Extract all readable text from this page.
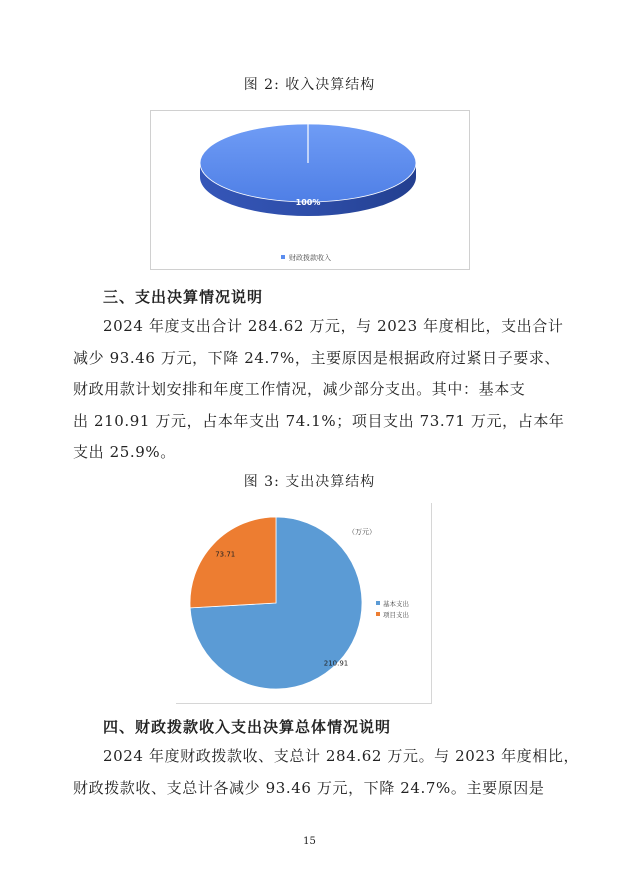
图 2: 收入决算结构
100%
财政拨款收入
三、支出决算情况说明

2024 年度支出合计 284.62 万元，与 2023 年度相比，支出合计
减少 93.46 万元，下降 24.7%，主要原因是根据政府过紧日子要求、
财政用款计划安排和年度工作情况，减少部分支出。其中：基本支
出 210.91 万元，占本年支出 74.1%；项目支出 73.71 万元，占本年
支出 25.9%。

图 3: 支出决算结构
（万元）
210.91
73.71
基本支出
项目支出
四、财政拨款收入支出决算总体情况说明

2024 年度财政拨款收、支总计 284.62 万元。与 2023 年度相比，
财政拨款收、支总计各减少 93.46 万元，下降 24.7%。主要原因是

15
